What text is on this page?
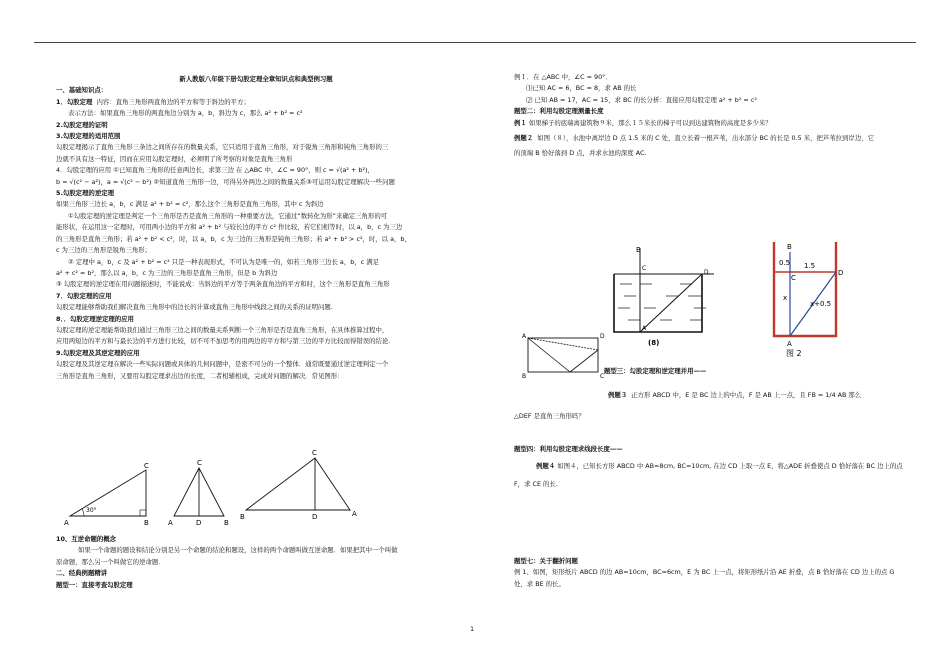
新人教版八年级下册勾股定理全章知识点和典型例习题
一、基础知识点：
1．勾股定理 内容：直角三角形两直角边的平方和等于斜边的平方；
表示方法：如果直角三角形的两直角边分别为 a，b，斜边为 c，那么 a² + b² = c²
2.勾股定理的证明
3.勾股定理的适用范围
勾股定理揭示了直角三角形三条边之间所存在的数量关系，它只适用于直角三角形，对于锐角三角形和钝角三角形的三
边就不具有这一特征，因而在应用勾股定理时，必须明了所考察的对象是直角三角形
4．勾股定理的应用 ①已知直角三角形的任意两边长，求第三边 在 △ABC 中，∠C = 90°，则 c = √(a² + b²)，
b = √(c² − a²)，a = √(c² − b²) ②知道直角三角形一边，可得另外两边之间的数量关系③可运用勾股定理解决一些问题
5.勾股定理的逆定理
如果三角形三边长 a，b，c 满足 a² + b² = c²，那么这个三角形是直角三角形，其中 c 为斜边
①勾股定理的逆定理是判定一个三角形是否是直角三角形的一种重要方法，它通过“数转化为形”来确定三角形的可
能形状，在运用这一定理时，可用两小边的平方和 a² + b² 与较长边的平方 c² 作比较，若它们相等时，以 a，b，c 为三边
的三角形是直角三角形；若 a² + b² < c²，时，以 a，b，c 为三边的三角形是钝角三角形；若 a² + b² > c²，时，以 a，b，
c 为三边的三角形是锐角三角形；
② 定理中 a，b，c 及 a² + b² = c² 只是一种表现形式，不可认为是唯一的，如若三角形三边长 a，b，c 满足
a² + c² = b²，那么以 a，b，c 为三边的三角形是直角三角形，但是 b 为斜边
③ 勾股定理的逆定理在用问题描述时，不能说成：当斜边的平方等于两条直角边的平方和时，这个三角形是直角三角形
7．勾股定理的应用
勾股定理能够帮助我们解决直角三角形中的边长的计算或直角三角形中线段之间的关系的证明问题.
8．．勾股定理逆定理的应用
勾股定理的逆定理能帮助我们通过三角形三边之间的数量关系判断一个三角形是否是直角三角形，在具体推算过程中，
应用两短边的平方和与最长边的平方进行比较，切不可不加思考的用两边的平方和与第三边的平方比较而得错误的结论.
9.勾股定理及其逆定理的应用
勾股定理及其逆定理在解决一些实际问题或具体的几何问题中，是密不可分的一个整体．通常既要通过逆定理判定一个
三角形是直角三角形，又要用勾股定理求出边的长度，二者相辅相成，完成对问题的解决．常见图形：
30°
A	B
C
A	D	B
C
B	D	A
C
10、互逆命题的概念
如果一个命题的题设和结论分别是另一个命题的结论和题设，这样的两个命题叫做互逆命题．如果把其中一个叫做
原命题，那么另一个叫做它的逆命题．
二、经典例题精讲
题型一：直接考查勾股定理
例１．在 △ABC 中，∠C = 90°．
⑴已知 AC = 6，BC = 8，求 AB 的长
⑵ 已知 AB = 17，AC = 15，求 BC 的长分析：直接应用勾股定理 a² + b² = c²
题型二：利用勾股定理测量长度
例１ 如果梯子的底端离建筑物９米，那么１５米长的梯子可以到达建筑物的高度是多少米？
例题２ 如图（８），水池中离岸边 D 点 1.5 米的 C 处，直立长着一根芦苇，出水部分 BC 的长是 0.5 米，把芦苇拉到岸边，它
的顶端 B 恰好落到 D 点，并求水池的深度 AC.
B
C
D
A
(8)
B
0.5 1.5
C
D
x
x+0.5
A
图 2
A	D
B	C
题型三：勾股定理和逆定理并用——
例题３ 正方形 ABCD 中，E 是 BC 边上的中点，F 是 AB 上一点，且 FB = 1/4 AB 那么
△DEF 是直角三角形吗？
题型四：利用勾股定理求线段长度——
例题４ 如图４，已知长方形 ABCD 中 AB=8cm, BC=10cm, 在边 CD 上取一点 E，将△ADE 折叠使点 D 恰好落在 BC 边上的点
F，求 CE 的长.
题型七：关于翻折问题
例 1、如图，矩形纸片 ABCD 的边 AB=10cm，BC=6cm，E 为 BC 上一点，将矩形纸片沿 AE 折叠，点 B 恰好落在 CD 边上的点 G
处，求 BE 的长。
1
